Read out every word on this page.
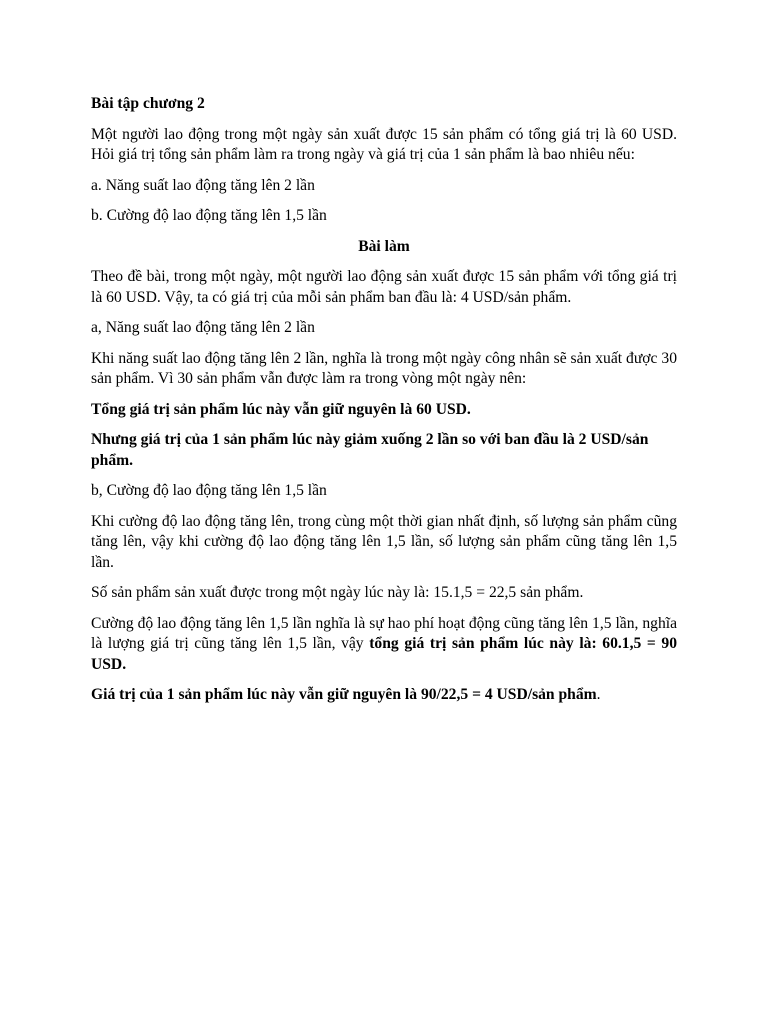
Bài tập chương 2

Một người lao động trong một ngày sản xuất được 15 sản phẩm có tổng giá trị là 60 USD. Hỏi giá trị tổng sản phẩm làm ra trong ngày và giá trị của 1 sản phẩm là bao nhiêu nếu:

a. Năng suất lao động tăng lên 2 lần

b. Cường độ lao động tăng lên 1,5 lần

Bài làm

Theo đề bài, trong một ngày, một người lao động sản xuất được 15 sản phẩm với tổng giá trị là 60 USD. Vậy, ta có giá trị của mỗi sản phẩm ban đầu là: 4 USD/sản phẩm.

a, Năng suất lao động tăng lên 2 lần

Khi năng suất lao động tăng lên 2 lần, nghĩa là trong một ngày công nhân sẽ sản xuất được 30 sản phẩm. Vì 30 sản phẩm vẫn được làm ra trong vòng một ngày nên:

Tổng giá trị sản phẩm lúc này vẫn giữ nguyên là 60 USD.

Nhưng giá trị của 1 sản phẩm lúc này giảm xuống 2 lần so với ban đầu là 2 USD/sản phẩm.

b, Cường độ lao động tăng lên 1,5 lần

Khi cường độ lao động tăng lên, trong cùng một thời gian nhất định, số lượng sản phẩm cũng tăng lên, vậy khi cường độ lao động tăng lên 1,5 lần, số lượng sản phẩm cũng tăng lên 1,5 lần.

Số sản phẩm sản xuất được trong một ngày lúc này là: 15.1,5 = 22,5 sản phẩm.

Cường độ lao động tăng lên 1,5 lần nghĩa là sự hao phí hoạt động cũng tăng lên 1,5 lần, nghĩa là lượng giá trị cũng tăng lên 1,5 lần, vậy tổng giá trị sản phẩm lúc này là: 60.1,5 = 90 USD.

Giá trị của 1 sản phẩm lúc này vẫn giữ nguyên là 90/22,5 = 4 USD/sản phẩm.
